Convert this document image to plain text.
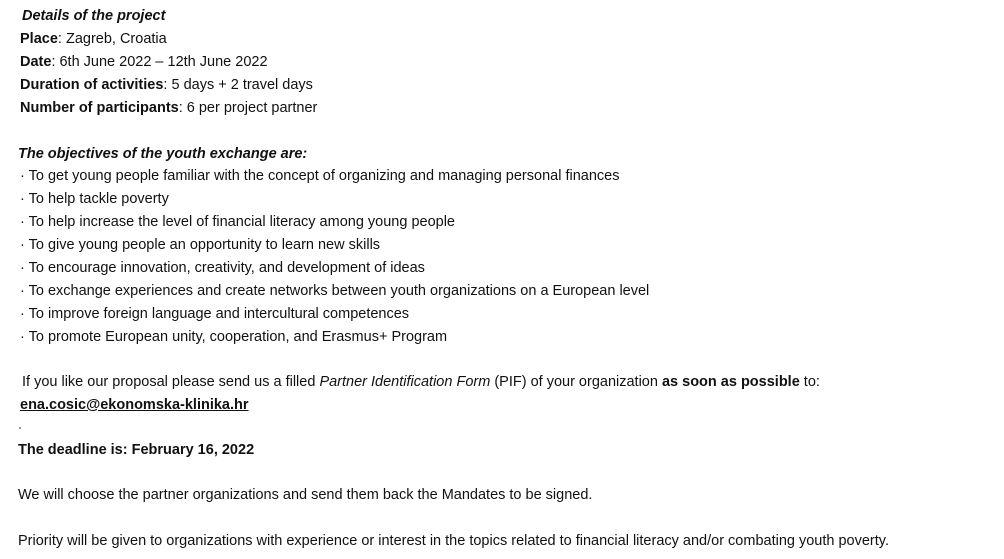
Details of the project
Place: Zagreb, Croatia
Date: 6th June 2022 – 12th June 2022
Duration of activities: 5 days + 2 travel days
Number of participants: 6 per project partner
The objectives of the youth exchange are:
· To get young people familiar with the concept of organizing and managing personal finances
· To help tackle poverty
· To help increase the level of financial literacy among young people
· To give young people an opportunity to learn new skills
· To encourage innovation, creativity, and development of ideas
· To exchange experiences and create networks between youth organizations on a European level
· To improve foreign language and intercultural competences
· To promote European unity, cooperation, and Erasmus+ Program
If you like our proposal please send us a filled Partner Identification Form (PIF) of your organization as soon as possible to:
ena.cosic@ekonomska-klinika.hr
The deadline is: February 16, 2022
We will choose the partner organizations and send them back the Mandates to be signed.
Priority will be given to organizations with experience or interest in the topics related to financial literacy and/or combating youth poverty.
